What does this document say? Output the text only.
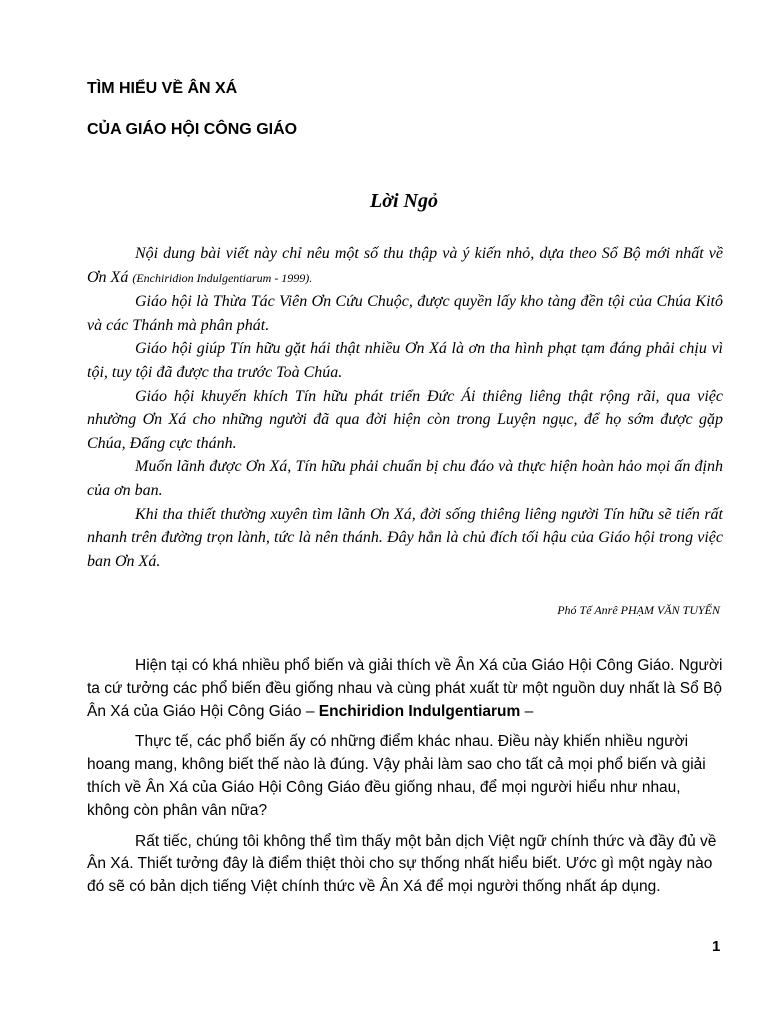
TÌM HIỂU VỀ ÂN XÁ
CỦA GIÁO HỘI CÔNG GIÁO
Lời Ngỏ

Nội dung bài viết này chỉ nêu một số thu thập và ý kiến nhỏ, dựa theo Sổ Bộ mới nhất về Ơn Xá (Enchiridion Indulgentiarum - 1999).

Giáo hội là Thừa Tác Viên Ơn Cứu Chuộc, được quyền lấy kho tàng đền tội của Chúa Kitô và các Thánh mà phân phát.

Giáo hội giúp Tín hữu gặt hái thật nhiều Ơn Xá là ơn tha hình phạt tạm đáng phải chịu vì tội, tuy tội đã được tha trước Toà Chúa.

Giáo hội khuyến khích Tín hữu phát triển Đức Ái thiêng liêng thật rộng rãi, qua việc nhường Ơn Xá cho những người đã qua đời hiện còn trong Luyện ngục, để họ sớm được gặp Chúa, Đấng cực thánh.

Muốn lãnh được Ơn Xá, Tín hữu phải chuẩn bị chu đáo và thực hiện hoàn hảo mọi ấn định của ơn ban.

Khi tha thiết thường xuyên tìm lãnh Ơn Xá, đời sống thiêng liêng người Tín hữu sẽ tiến rất nhanh trên đường trọn lành, tức là nên thánh. Đây hẳn là chủ đích tối hậu của Giáo hội trong việc ban Ơn Xá.

Phó Tế Anrê PHẠM VĂN TUYỂN

Hiện tại có khá nhiều phổ biến và giải thích về Ân Xá của Giáo Hội Công Giáo. Người ta cứ tưởng các phổ biến đều giống nhau và cùng phát xuất từ một nguồn duy nhất là Sổ Bộ Ân Xá của Giáo Hội Công Giáo – Enchiridion Indulgentiarum –

Thực tế, các phổ biến ấy có những điểm khác nhau. Điều này khiến nhiều người hoang mang, không biết thế nào là đúng. Vậy phải làm sao cho tất cả mọi phổ biến và giải thích về Ân Xá của Giáo Hội Công Giáo đều giống nhau, để mọi người hiểu như nhau, không còn phân vân nữa?

Rất tiếc, chúng tôi không thể tìm thấy một bản dịch Việt ngữ chính thức và đầy đủ về Ân Xá. Thiết tưởng đây là điểm thiệt thòi cho sự thống nhất hiểu biết. Ước gì một ngày nào đó sẽ có bản dịch tiếng Việt chính thức về Ân Xá để mọi người thống nhất áp dụng.

1
